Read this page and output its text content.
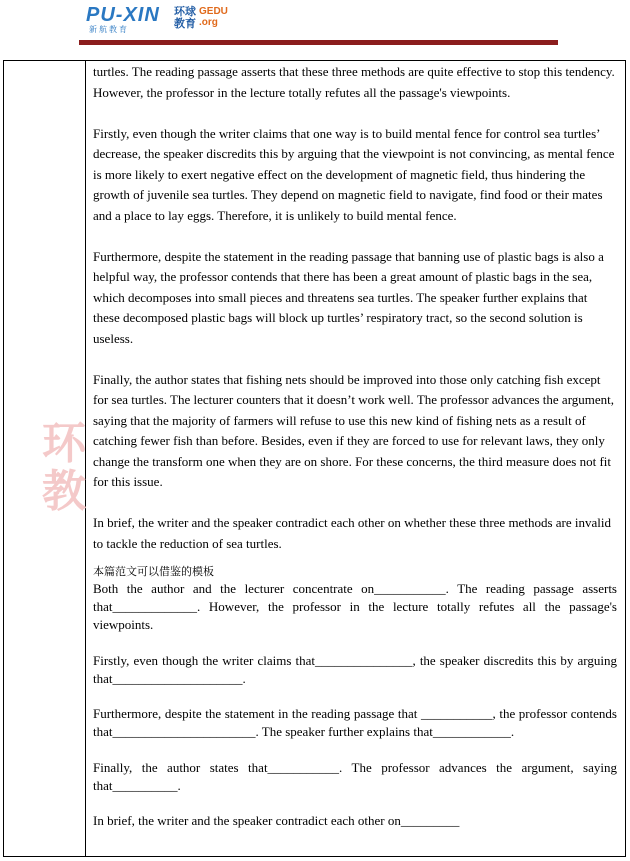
PU-XIN
新航教育
环球
教育
GEDU
.org
环
教

turtles. The reading passage asserts that these three methods are quite effective to stop this tendency. However, the professor in the lecture totally refutes all the passage's viewpoints.

Firstly, even though the writer claims that one way is to build mental fence for control sea turtles’ decrease, the speaker discredits this by arguing that the viewpoint is not convincing, as mental fence is more likely to exert negative effect on the development of magnetic field, thus hindering the growth of juvenile sea turtles. They depend on magnetic field to navigate, find food or their mates and a place to lay eggs. Therefore, it is unlikely to build mental fence.

Furthermore, despite the statement in the reading passage that banning use of plastic bags is also a helpful way, the professor contends that there has been a great amount of plastic bags in the sea, which decomposes into small pieces and threatens sea turtles. The speaker further explains that these decomposed plastic bags will block up turtles’ respiratory tract, so the second solution is useless.

Finally, the author states that fishing nets should be improved into those only catching fish except for sea turtles. The lecturer counters that it doesn’t work well. The professor advances the argument, saying that the majority of farmers will refuse to use this new kind of fishing nets as a result of catching fewer fish than before. Besides, even if they are forced to use for relevant laws, they only change the transform one when they are on shore. For these concerns, the third measure does not fit for this issue.

In brief, the writer and the speaker contradict each other on whether these three methods are invalid to tackle the reduction of sea turtles.

本篇范文可以借鉴的模板

Both the author and the lecturer concentrate on___________. The reading passage asserts that_____________. However, the professor in the lecture totally refutes all the passage's viewpoints.

Firstly, even though the writer claims that_______________, the speaker discredits this by arguing that____________________.

Furthermore, despite the statement in the reading passage that ___________, the professor contends that______________________. The speaker further explains that____________.

Finally, the author states that___________. The professor advances the argument, saying that__________.

In brief, the writer and the speaker contradict each other on_________
